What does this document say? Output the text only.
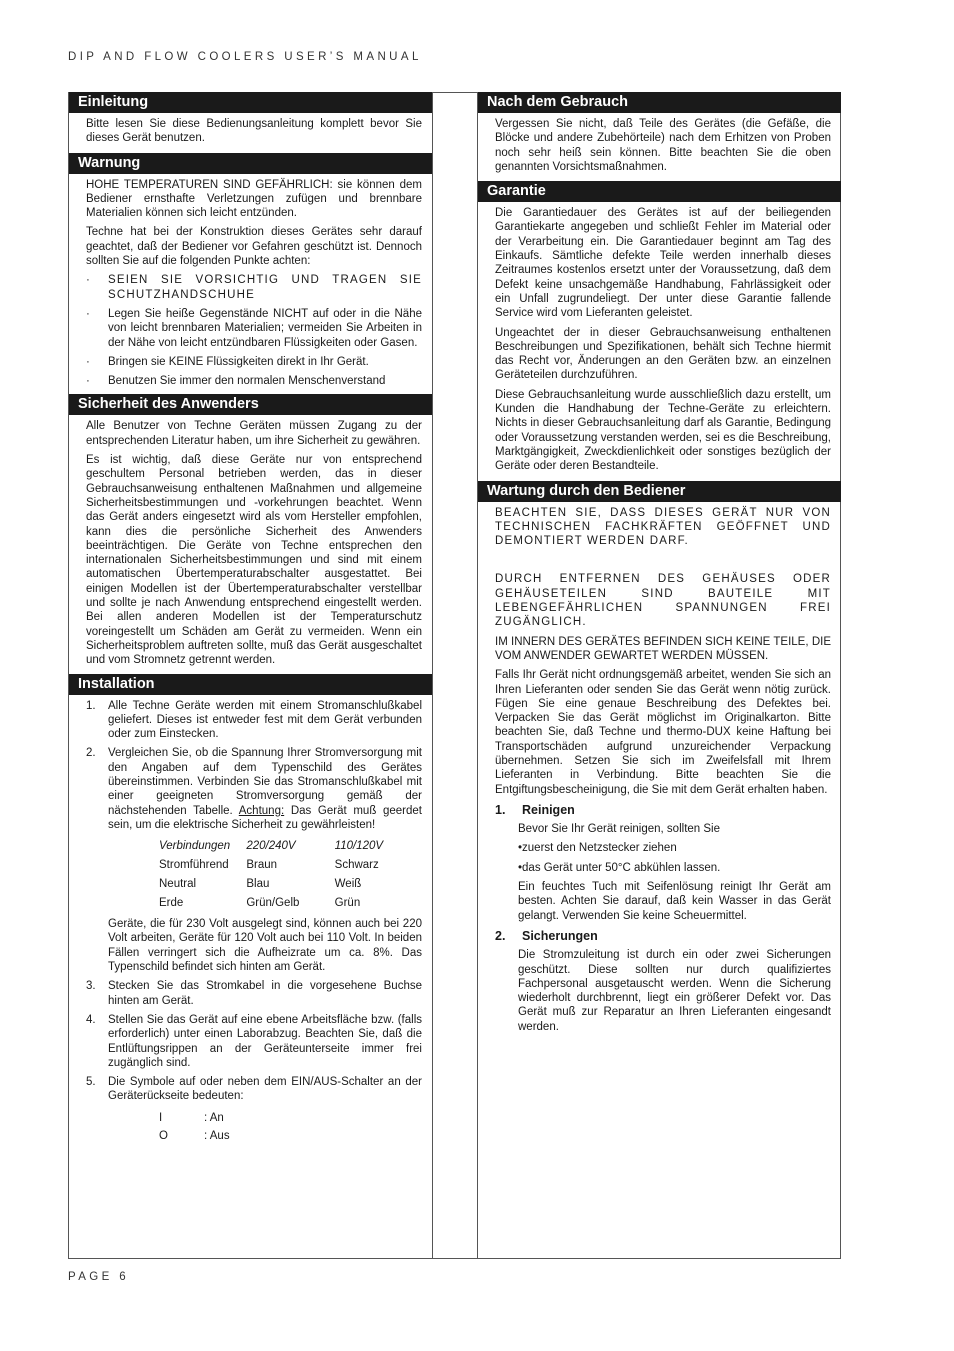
DIP AND FLOW COOLERS USER’S MANUAL
Einleitung

Bitte lesen Sie diese Bedienungsanleitung komplett bevor Sie dieses Gerät benutzen.

Warnung

HOHE TEMPERATUREN SIND GEFÄHRLICH: sie können dem Bediener ernsthafte Verletzungen zufügen und brennbare Materialien können sich leicht entzünden.

Techne hat bei der Konstruktion dieses Gerätes sehr darauf geachtet, daß der Bediener vor Gefahren geschützt ist. Dennoch sollten Sie auf die folgenden Punkte achten:

·	SEIEN SIE VORSICHTIG UND TRAGEN SIE SCHUTZHANDSCHUHE
·	Legen Sie heiße Gegenstände NICHT auf oder in die Nähe von leicht brennbaren Materialien; vermeiden Sie Arbeiten in der Nähe von leicht entzündbaren Flüssigkeiten oder Gasen.
·	Bringen sie KEINE Flüssigkeiten direkt in Ihr Gerät.
·	Benutzen Sie immer den normalen Menschenverstand
Sicherheit des Anwenders

Alle Benutzer von Techne Geräten müssen Zugang zu der entsprechenden Literatur haben, um ihre Sicherheit zu gewähren.

Es ist wichtig, daß diese Geräte nur von entsprechend geschultem Personal betrieben werden, das in dieser Gebrauchsanweisung enthaltenen Maßnahmen und allgemeine Sicherheitsbestimmungen und -vorkehrungen beachtet. Wenn das Gerät anders eingesetzt wird als vom Hersteller empfohlen, kann dies die persönliche Sicherheit des Anwenders beeinträchtigen. Die Geräte von Techne entsprechen den internationalen Sicherheitsbestimmungen und sind mit einem automatischen Übertemperaturabschalter ausgestattet. Bei einigen Modellen ist der Übertemperaturabschalter verstellbar und sollte je nach Anwendung entsprechend eingestellt werden. Bei allen anderen Modellen ist der Temperaturschutz voreingestellt um Schäden am Gerät zu vermeiden. Wenn ein Sicherheitsproblem auftreten sollte, muß das Gerät ausgeschaltet und vom Stromnetz getrennt werden.

Installation
1.	Alle Techne Geräte werden mit einem Stromanschlußkabel geliefert. Dieses ist entweder fest mit dem Gerät verbunden oder zum Einstecken.
2.	Vergleichen Sie, ob die Spannung Ihrer Stromversorgung mit den Angaben auf dem Typenschild des Gerätes übereinstimmen. Verbinden Sie das Stromanschlußkabel mit einer geeigneten Stromversorgung gemäß der nächstehenden Tabelle. Achtung: Das Gerät muß geerdet sein, um die elektrische Sicherheit zu gewährleisten!
Verbindungen	220/240V	110/120V
Stromführend	Braun	Schwarz
Neutral	Blau	Weiß
Erde	Grün/Gelb	Grün

Geräte, die für 230 Volt ausgelegt sind, können auch bei 220 Volt arbeiten, Geräte für 120 Volt auch bei 110 Volt. In beiden Fällen verringert sich die Aufheizrate um ca. 8%. Das Typenschild befindet sich hinten am Gerät.

3.	Stecken Sie das Stromkabel in die vorgesehene Buchse hinten am Gerät.
4.	Stellen Sie das Gerät auf eine ebene Arbeitsfläche bzw. (falls erforderlich) unter einen Laborabzug. Beachten Sie, daß die Entlüftungsrippen an der Geräteunterseite immer frei zugänglich sind.
5.	Die Symbole auf oder neben dem EIN/AUS-Schalter an der Geräterückseite bedeuten:
I	: An
O	: Aus
Nach dem Gebrauch

Vergessen Sie nicht, daß Teile des Gerätes (die Gefäße, die Blöcke und andere Zubehörteile) nach dem Erhitzen von Proben noch sehr heiß sein können. Bitte beachten Sie die oben genannten Vorsichtsmaßnahmen.

Garantie

Die Garantiedauer des Gerätes ist auf der beiliegenden Garantiekarte angegeben und schließt Fehler im Material oder der Verarbeitung ein. Die Garantiedauer beginnt am Tag des Einkaufs. Sämtliche defekte Teile werden innerhalb dieses Zeitraumes kostenlos ersetzt unter der Voraussetzung, daß dem Defekt keine unsachgemäße Handhabung, Fahrlässigkeit oder ein Unfall zugrundeliegt. Der unter diese Garantie fallende Service wird vom Lieferanten geleistet.

Ungeachtet der in dieser Gebrauchsanweisung enthaltenen Beschreibungen und Spezifikationen, behält sich Techne hiermit das Recht vor, Änderungen an den Geräten bzw. an einzelnen Geräteteilen durchzuführen.

Diese Gebrauchsanleitung wurde ausschließlich dazu erstellt, um Kunden die Handhabung der Techne-Geräte zu erleichtern. Nichts in dieser Gebrauchsanleitung darf als Garantie, Bedingung oder Voraussetzung verstanden werden, sei es die Beschreibung, Marktgängigkeit, Zweckdienlichkeit oder sonstiges bezüglich der Geräte oder deren Bestandteile.

Wartung durch den Bediener

BEACHTEN SIE, DASS DIESES GERÄT NUR VON TECHNISCHEN FACHKRÄFTEN GEÖFFNET UND DEMONTIERT WERDEN DARF.

DURCH ENTFERNEN DES GEHÄUSES ODER GEHÄUSETEILEN SIND BAUTEILE MIT LEBENGEFÄHRLICHEN SPANNUNGEN FREI ZUGÄNGLICH.

IM INNERN DES GERÄTES BEFINDEN SICH KEINE TEILE, DIE VOM ANWENDER GEWARTET WERDEN MÜSSEN.

Falls Ihr Gerät nicht ordnungsgemäß arbeitet, wenden Sie sich an Ihren Lieferanten oder senden Sie das Gerät wenn nötig zurück. Fügen Sie eine genaue Beschreibung des Defektes bei. Verpacken Sie das Gerät möglichst im Originalkarton. Bitte beachten Sie, daß Techne und thermo-DUX keine Haftung bei Transportschäden aufgrund unzureichender Verpackung übernehmen. Setzen Sie sich im Zweifelsfall mit Ihrem Lieferanten in Verbindung. Bitte beachten Sie die Entgiftungsbescheinigung, die Sie mit dem Gerät erhalten haben.

1.	Reinigen

Bevor Sie Ihr Gerät reinigen, sollten Sie

•zuerst den Netzstecker ziehen

•das Gerät unter 50°C abkühlen lassen.

Ein feuchtes Tuch mit Seifenlösung reinigt Ihr Gerät am besten. Achten Sie darauf, daß kein Wasser in das Gerät gelangt. Verwenden Sie keine Scheuermittel.

2.	Sicherungen

Die Stromzuleitung ist durch ein oder zwei Sicherungen geschützt. Diese sollten nur durch qualifiziertes Fachpersonal ausgetauscht werden. Wenn die Sicherung wiederholt durchbrennt, liegt ein größerer Defekt vor. Das Gerät muß zur Reparatur an Ihren Lieferanten eingesandt werden.

PAGE 6
